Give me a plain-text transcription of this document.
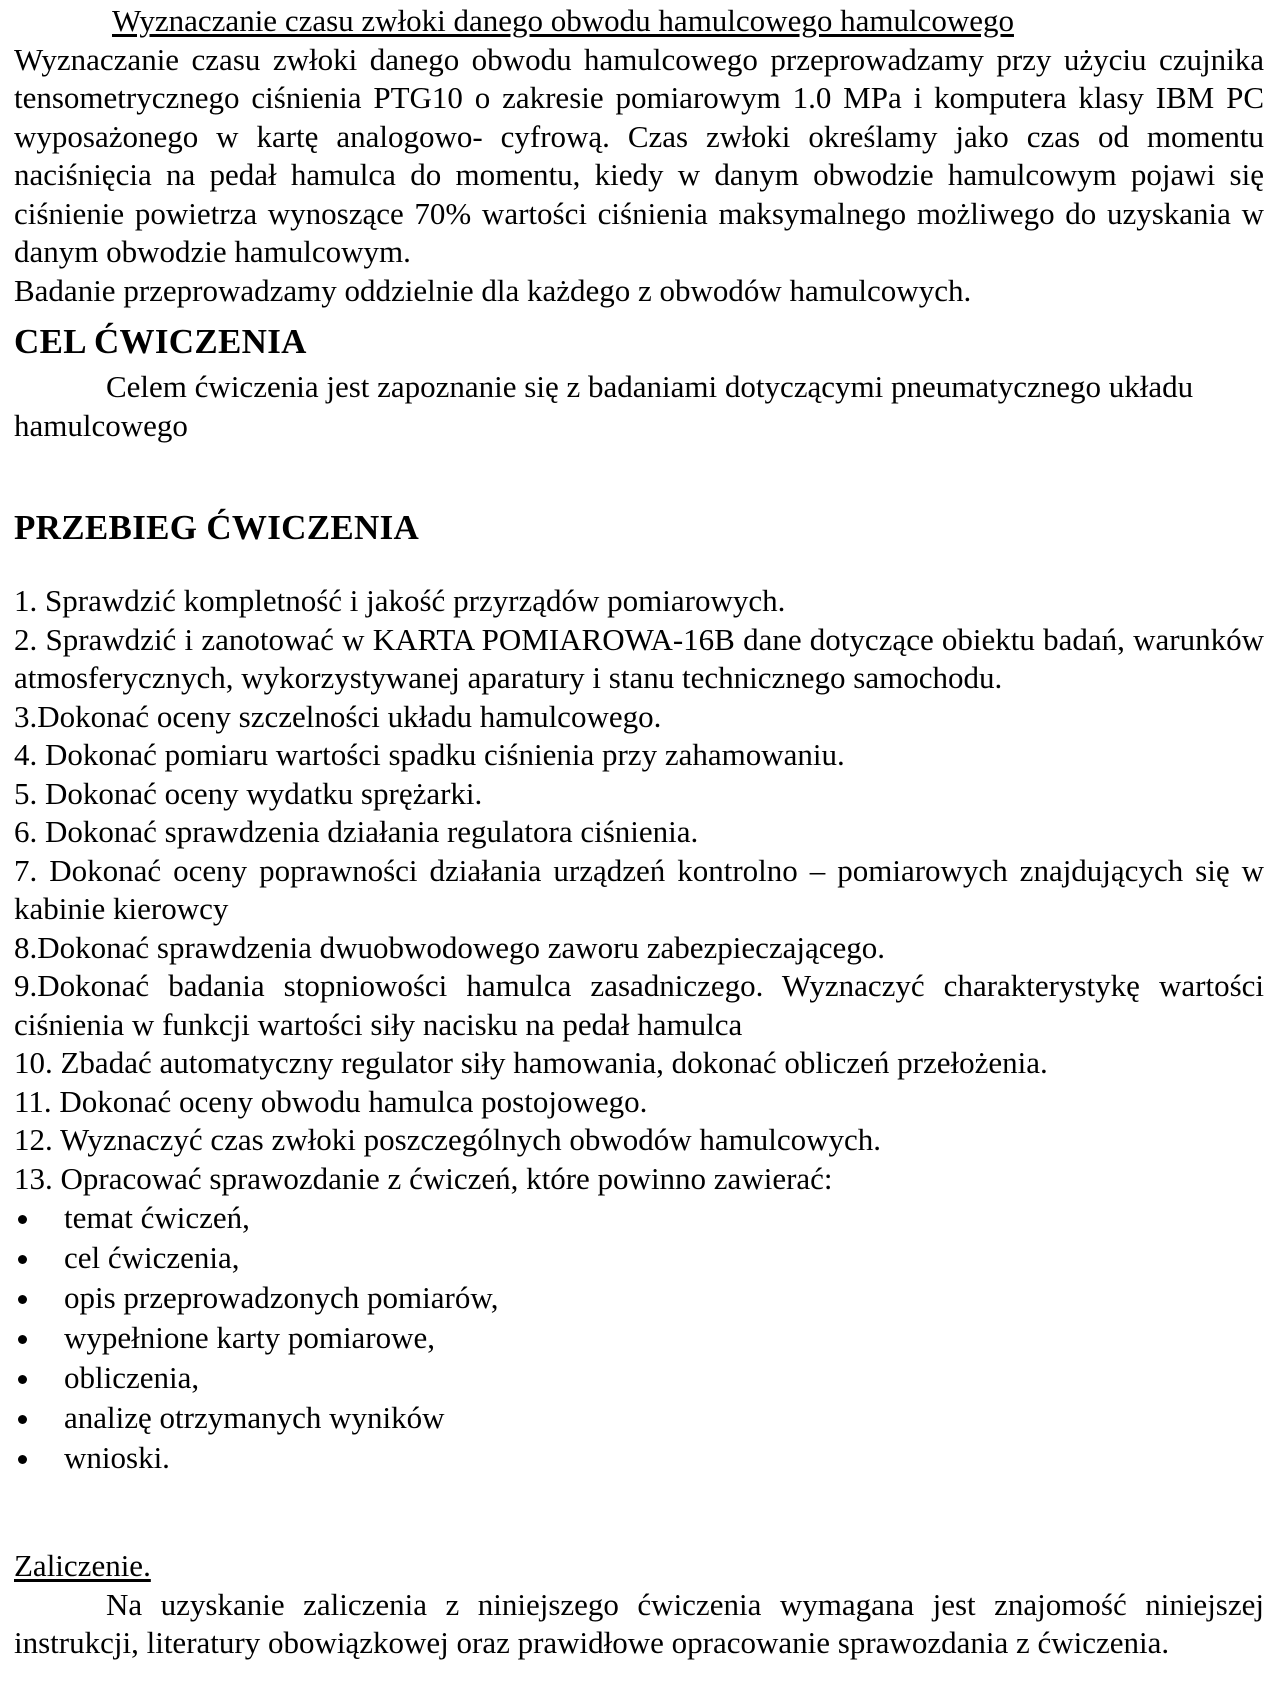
Wyznaczanie czasu zwłoki danego obwodu hamulcowego hamulcowego

Wyznaczanie czasu zwłoki danego obwodu hamulcowego przeprowadzamy przy użyciu czujnika tensometrycznego ciśnienia PTG10 o zakresie pomiarowym 1.0 MPa i komputera klasy IBM PC wyposażonego w kartę analogowo- cyfrową. Czas zwłoki określamy jako czas od momentu naciśnięcia na pedał hamulca do momentu, kiedy w danym obwodzie hamulcowym pojawi się ciśnienie powietrza wynoszące 70% wartości ciśnienia maksymalnego możliwego do uzyskania w danym obwodzie hamulcowym.

Badanie przeprowadzamy oddzielnie dla każdego z obwodów hamulcowych.

CEL ĆWICZENIA

Celem ćwiczenia jest zapoznanie się z badaniami dotyczącymi pneumatycznego układu hamulcowego

PRZEBIEG ĆWICZENIA
1. Sprawdzić kompletność i jakość przyrządów pomiarowych.
2. Sprawdzić i zanotować w KARTA POMIAROWA-16B dane dotyczące obiektu badań, warunków atmosferycznych, wykorzystywanej aparatury i stanu technicznego samochodu.
3.Dokonać oceny szczelności układu hamulcowego.
4. Dokonać pomiaru wartości spadku ciśnienia przy zahamowaniu.
5. Dokonać oceny wydatku sprężarki.
6. Dokonać sprawdzenia działania regulatora ciśnienia.
7. Dokonać oceny poprawności działania urządzeń kontrolno – pomiarowych znajdujących się w kabinie kierowcy
8.Dokonać sprawdzenia dwuobwodowego zaworu zabezpieczającego.
9.Dokonać badania stopniowości hamulca zasadniczego. Wyznaczyć charakterystykę wartości ciśnienia w funkcji wartości siły nacisku na pedał hamulca
10. Zbadać automatyczny regulator siły hamowania, dokonać obliczeń przełożenia.
11. Dokonać oceny obwodu hamulca postojowego.
12. Wyznaczyć czas zwłoki poszczególnych obwodów hamulcowych.
13. Opracować sprawozdanie z ćwiczeń, które powinno zawierać:
temat ćwiczeń,
cel ćwiczenia,
opis przeprowadzonych pomiarów,
wypełnione karty pomiarowe,
obliczenia,
analizę otrzymanych wyników
wnioski.

Zaliczenie.

Na uzyskanie zaliczenia z niniejszego ćwiczenia wymagana jest znajomość niniejszej instrukcji, literatury obowiązkowej oraz prawidłowe opracowanie sprawozdania z ćwiczenia.
